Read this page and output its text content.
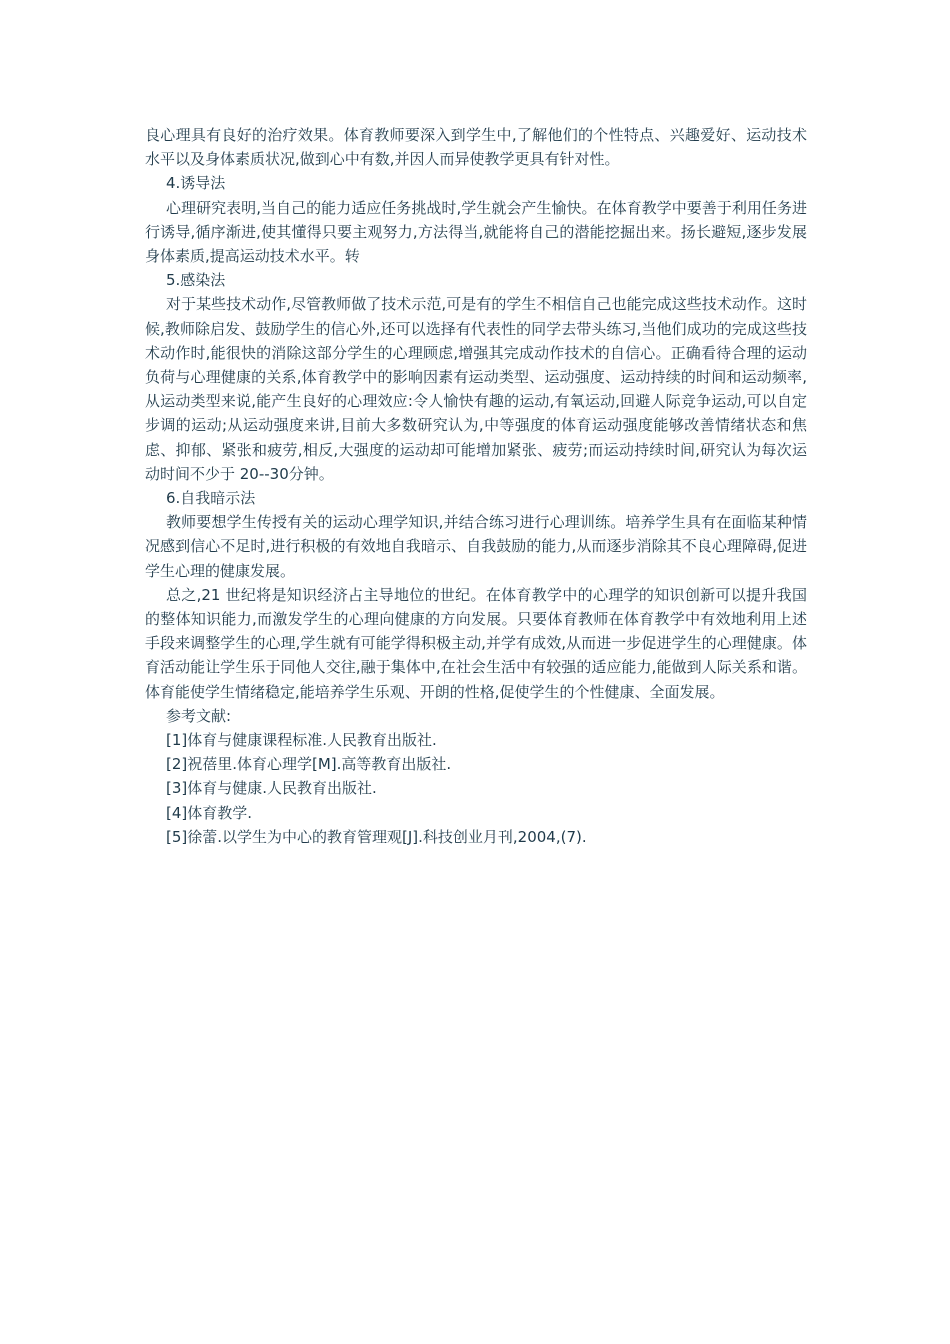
良心理具有良好的治疗效果。体育教师要深入到学生中,了解他们的个性特点、兴趣爱好、运动技术水平以及身体素质状况,做到心中有数,并因人而异使教学更具有针对性。

4.诱导法

心理研究表明,当自己的能力适应任务挑战时,学生就会产生愉快。在体育教学中要善于利用任务进行诱导,循序渐进,使其懂得只要主观努力,方法得当,就能将自己的潜能挖掘出来。扬长避短,逐步发展身体素质,提高运动技术水平。转

5.感染法

对于某些技术动作,尽管教师做了技术示范,可是有的学生不相信自己也能完成这些技术动作。这时候,教师除启发、鼓励学生的信心外,还可以选择有代表性的同学去带头练习,当他们成功的完成这些技术动作时,能很快的消除这部分学生的心理顾虑,增强其完成动作技术的自信心。正确看待合理的运动负荷与心理健康的关系,体育教学中的影响因素有运动类型、运动强度、运动持续的时间和运动频率,从运动类型来说,能产生良好的心理效应:令人愉快有趣的运动,有氧运动,回避人际竞争运动,可以自定步调的运动;从运动强度来讲,目前大多数研究认为,中等强度的体育运动强度能够改善情绪状态和焦虑、抑郁、紧张和疲劳,相反,大强度的运动却可能增加紧张、疲劳;而运动持续时间,研究认为每次运动时间不少于 20--30分钟。

6.自我暗示法

教师要想学生传授有关的运动心理学知识,并结合练习进行心理训练。培养学生具有在面临某种情况感到信心不足时,进行积极的有效地自我暗示、自我鼓励的能力,从而逐步消除其不良心理障碍,促进学生心理的健康发展。

总之,21 世纪将是知识经济占主导地位的世纪。在体育教学中的心理学的知识创新可以提升我国的整体知识能力,而激发学生的心理向健康的方向发展。只要体育教师在体育教学中有效地利用上述手段来调整学生的心理,学生就有可能学得积极主动,并学有成效,从而进一步促进学生的心理健康。体育活动能让学生乐于同他人交往,融于集体中,在社会生活中有较强的适应能力,能做到人际关系和谐。体育能使学生情绪稳定,能培养学生乐观、开朗的性格,促使学生的个性健康、全面发展。

参考文献:

[1]体育与健康课程标准.人民教育出版社.

[2]祝蓓里.体育心理学[M].高等教育出版社.

[3]体育与健康.人民教育出版社.

[4]体育教学.

[5]徐蕾.以学生为中心的教育管理观[J].科技创业月刊,2004,(7).
